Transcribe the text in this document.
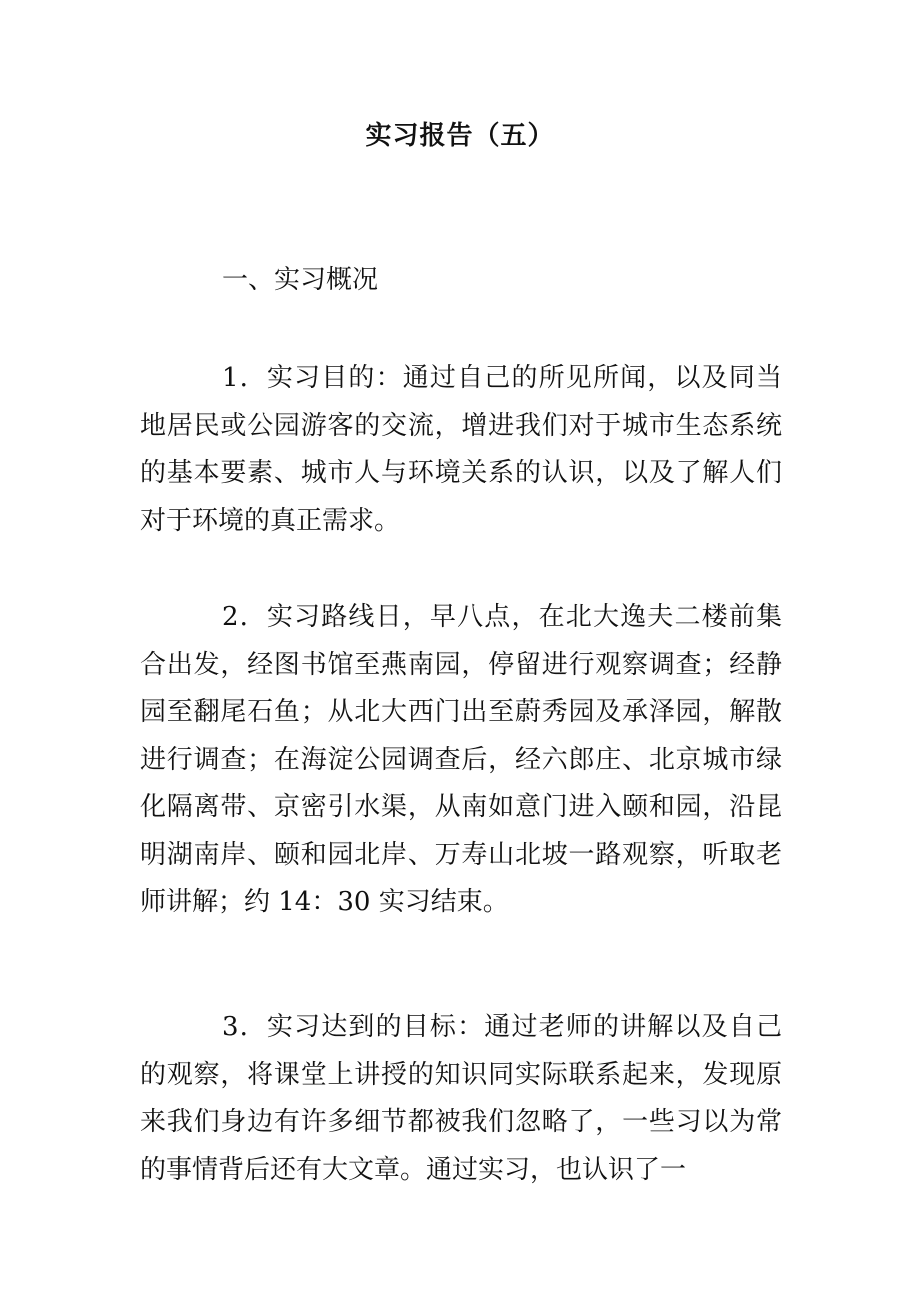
实习报告（五）
一、实习概况

1．实习目的：通过自己的所见所闻，以及同当地居民或公园游客的交流，增进我们对于城市生态系统的基本要素、城市人与环境关系的认识，以及了解人们对于环境的真正需求。

2．实习路线日，早八点，在北大逸夫二楼前集合出发，经图书馆至燕南园，停留进行观察调查；经静园至翻尾石鱼；从北大西门出至蔚秀园及承泽园，解散进行调查；在海淀公园调查后，经六郎庄、北京城市绿化隔离带、京密引水渠，从南如意门进入颐和园，沿昆明湖南岸、颐和园北岸、万寿山北坡一路观察，听取老师讲解；约 14：30 实习结束。

3．实习达到的目标：通过老师的讲解以及自己的观察，将课堂上讲授的知识同实际联系起来，发现原来我们身边有许多细节都被我们忽略了，一些习以为常的事情背后还有大文章。通过实习，也认识了一
